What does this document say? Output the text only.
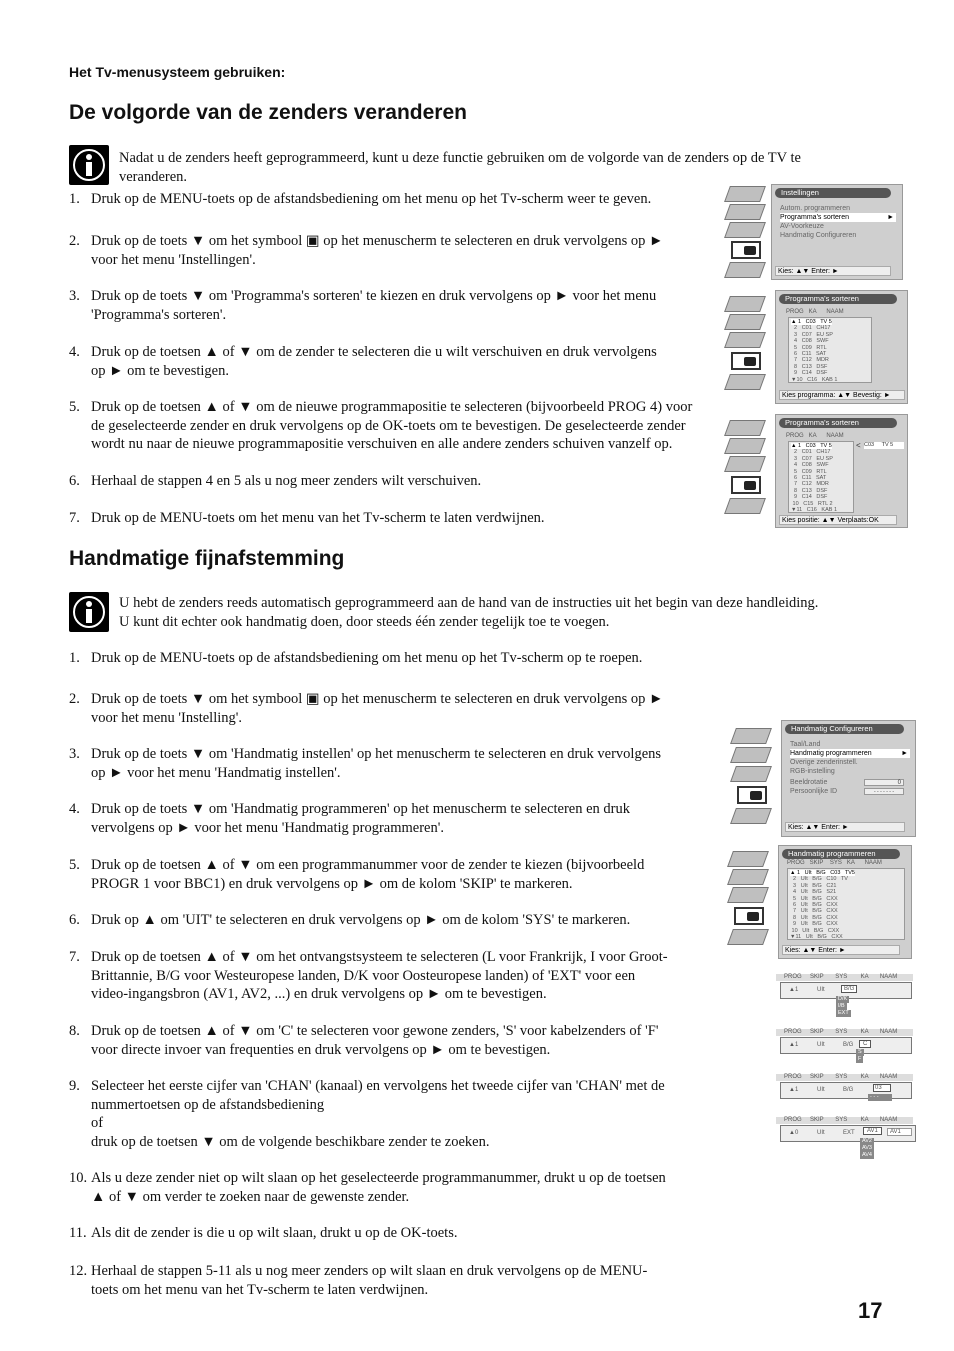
Het Tv-menusysteem gebruiken:
De volgorde van de zenders veranderen
Nadat u de zenders heeft geprogrammeerd, kunt u deze functie gebruiken om de volgorde van de zenders op de TV te
veranderen.
1. Druk op de MENU-toets op de afstandsbediening om het menu op het Tv-scherm weer te geven.
2. Druk op de toets ▼ om het symbool ▣ op het menuscherm te selecteren en druk vervolgens op ►
voor het menu 'Instellingen'.
3. Druk op de toets ▼ om 'Programma's sorteren' te kiezen en druk vervolgens op ► voor het menu
'Programma's sorteren'.
4. Druk op de toetsen ▲ of ▼ om de zender te selecteren die u wilt verschuiven en druk vervolgens
op ► om te bevestigen.
5. Druk op de toetsen ▲ of ▼ om de nieuwe programmapositie te selecteren (bijvoorbeeld PROG 4) voor
de geselecteerde zender en druk vervolgens op de OK-toets om te bevestigen. De geselecteerde zender
wordt nu naar de nieuwe programmapositie verschuiven en alle andere zenders schuiven vanzelf op.
6. Herhaal de stappen 4 en 5 als u nog meer zenders wilt verschuiven.
7. Druk op de MENU-toets om het menu van het Tv-scherm te laten verdwijnen.
Handmatige fijnafstemming
U hebt de zenders reeds automatisch geprogrammeerd aan de hand van de instructies uit het begin van deze handleiding.
U kunt dit echter ook handmatig doen, door steeds één zender tegelijk toe te voegen.
1. Druk op de MENU-toets op de afstandsbediening om het menu op het Tv-scherm op te roepen.
2. Druk op de toets ▼ om het symbool ▣ op het menuscherm te selecteren en druk vervolgens op ►
voor het menu 'Instelling'.
3. Druk op de toets ▼ om 'Handmatig instellen' op het menuscherm te selecteren en druk vervolgens
op ► voor het menu 'Handmatig instellen'.
4. Druk op de toets ▼ om 'Handmatig programmeren' op het menuscherm te selecteren en druk
vervolgens op ► voor het menu 'Handmatig programmeren'.
5. Druk op de toetsen ▲ of ▼ om een programmanummer voor de zender te kiezen (bijvoorbeeld
PROGR 1 voor BBC1) en druk vervolgens op ► om de kolom 'SKIP' te markeren.
6. Druk op ▲ om 'UIT' te selecteren en druk vervolgens op ► om de kolom 'SYS' te markeren.
7. Druk op de toetsen ▲ of ▼ om het ontvangstsysteem te selecteren (L voor Frankrijk, I voor Groot-
Brittannie, B/G voor Westeuropese landen, D/K voor Oosteuropese landen) of 'EXT' voor een
video-ingangsbron (AV1, AV2, ...) en druk vervolgens op ► om te bevestigen.
8. Druk op de toetsen ▲ of ▼ om 'C' te selecteren voor gewone zenders, 'S' voor kabelzenders of 'F'
voor directe invoer van frequenties en druk vervolgens op ► om te bevestigen.
9. Selecteer het eerste cijfer van 'CHAN' (kanaal) en vervolgens het tweede cijfer van 'CHAN' met de
nummertoetsen op de afstandsbediening
of
druk op de toetsen ▼ om de volgende beschikbare zender te zoeken.
10. Als u deze zender niet op wilt slaan op het geselecteerde programmanummer, drukt u op de toetsen
▲ of ▼ om verder te zoeken naar de gewenste zender.
11. Als dit de zender is die u op wilt slaan, drukt u op de OK-toets.
12. Herhaal de stappen 5-11 als u nog meer zenders op wilt slaan en druk vervolgens op de MENU-
toets om het menu van het Tv-scherm te laten verdwijnen.
Instellingen
Autom. programmeren
Programma's sorteren	►
AV-Voorkeuze
Handmatig Configureren
Kies: ▲▼ Enter: ►
Programma's sorteren
PROG   KA      NAAM
▲ 1   C03   TV 5
2   C01   CH17
3   C07   EU SP
4   C08   SWF
5   C09   RTL
6   C11   SAT
7   C12   MDR
8   C13   DSF
9   C14   DSF
▼10   C16   KAB 1
Kies programma: ▲▼ Bevestig: ►
Programma's sorteren
PROG   KA      NAAM
▲ 1   C03   TV 5
2   C01   CH17
3   C07   EU SP
4   C08   SWF
5   C09   RTL
6   C11   SAT
7   C12   MDR
8   C13   DSF
9   C14   DSF
10   C15   RTL 2
▼11   C16   KAB 1
< C03     TV 5
Kies positie: ▲▼ Verplaats:OK
Handmatig Configureren
Taal/Land
Handmatig programmeren	►
Overige zenderinstell.
RGB-instelling
Beeldrotatie	0
Persoonlijke ID	- - - - - - -
Kies: ▲▼ Enter: ►
Handmatig programmeren
PROG   SKIP    SYS   KA      NAAM
▲ 1   UIt   B/G   C03   TV5
2   UIt   B/G   C10   TV
3   UIt   B/G   C21
4   UIt   B/G   S21
5   UIt   B/G   CXX
6   UIt   B/G   CXX
7   UIt   B/G   CXX
8   UIt   B/G   CXX
9   UIt   B/G   CXX
10   UIt   B/G   CXX
▼11   UIt   B/G   CXX
Kies: ▲▼ Enter: ►
PROG     SKIP       SYS        KA       NAAM
▲1	UIt	B/G
D/K
I/B
EXT
PROG     SKIP       SYS        KA       NAAM
▲1	UIt	B/G	C
S
F
PROG     SKIP       SYS        KA       NAAM
▲1	UIt	B/G	03
- - -
PROG     SKIP       SYS        KA       NAAM
▲0	UIt	EXT	AV1	AV1
AV2
AV3
AV4
17
